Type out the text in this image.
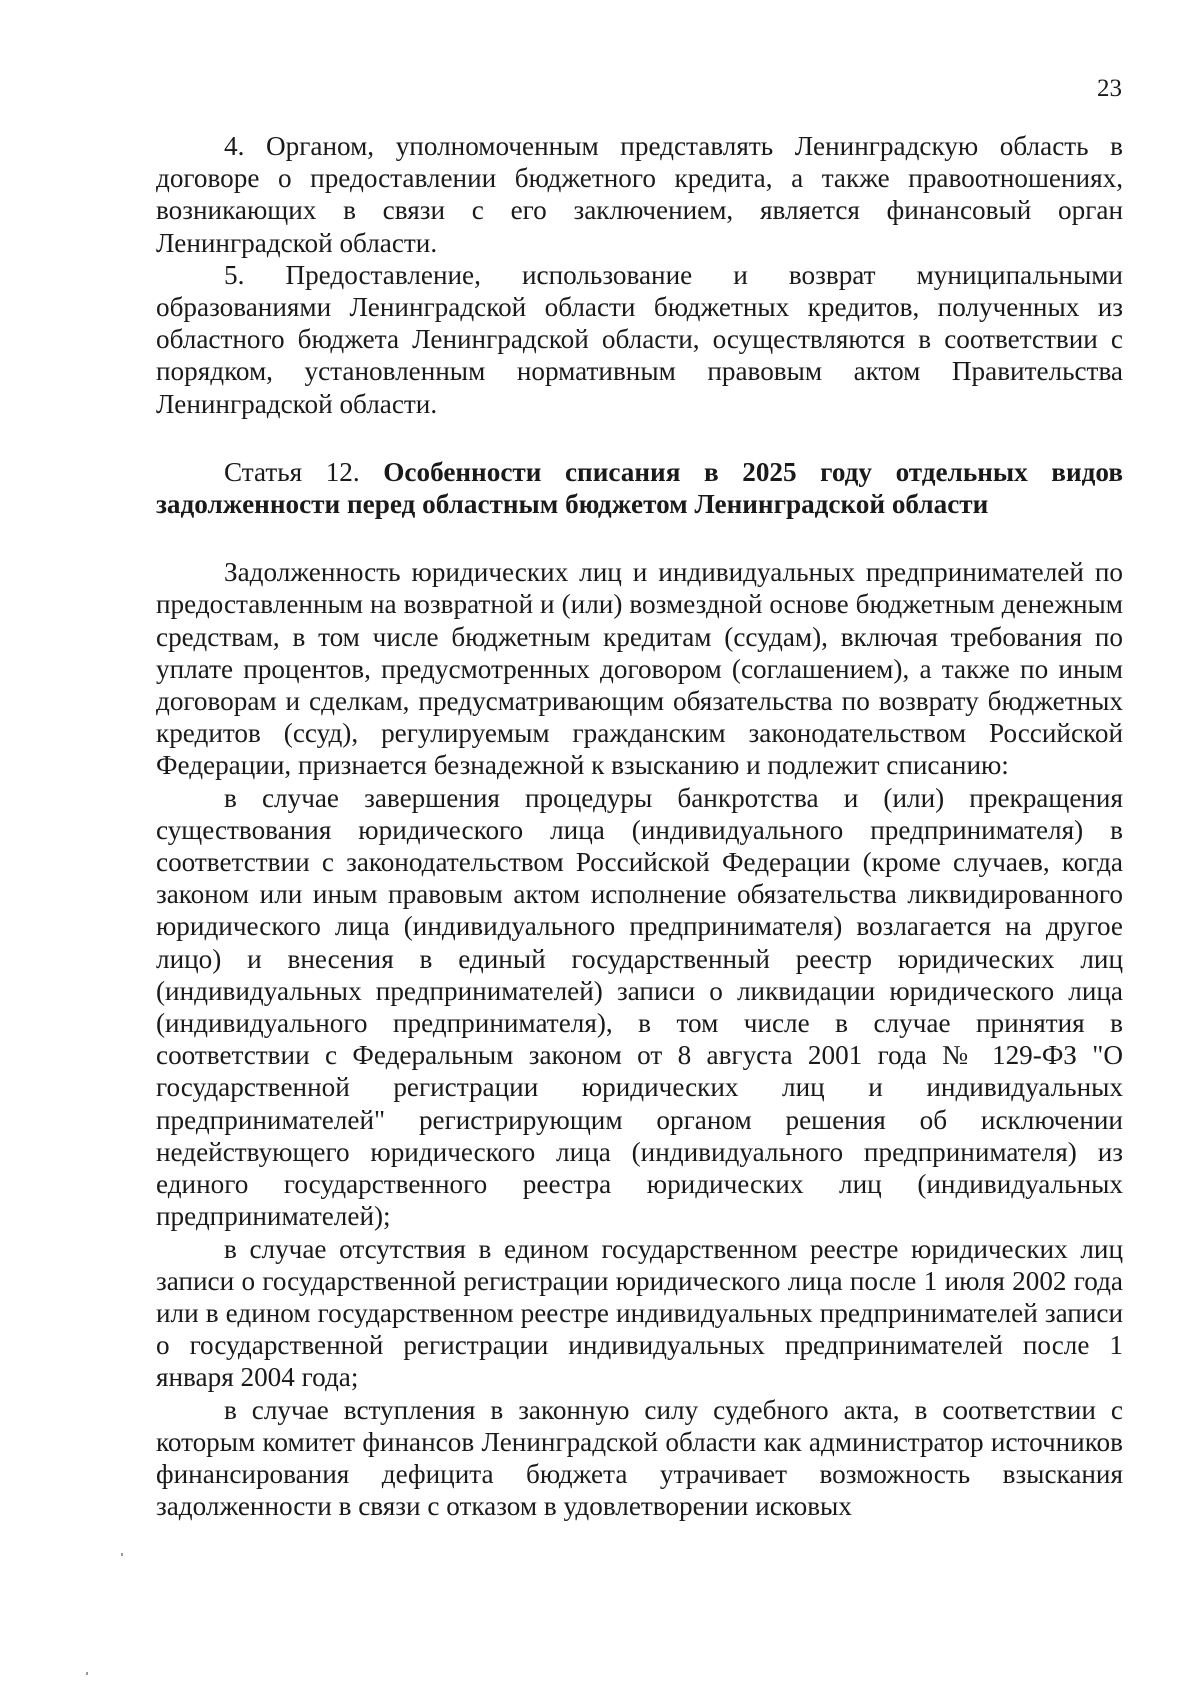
23

4. Органом, уполномоченным представлять Ленинградскую область в договоре о предоставлении бюджетного кредита, а также правоотношениях, возникающих в связи с его заключением, является финансовый орган Ленинградской области.

5. Предоставление, использование и возврат муниципальными образованиями Ленинградской области бюджетных кредитов, полученных из областного бюджета Ленинградской области, осуществляются в соответствии с порядком, установленным нормативным правовым актом Правительства Ленинградской области.

Статья 12. Особенности списания в 2025 году отдельных видов задолженности перед областным бюджетом Ленинградской области

Задолженность юридических лиц и индивидуальных предпринимателей по предоставленным на возвратной и (или) возмездной основе бюджетным денежным средствам, в том числе бюджетным кредитам (ссудам), включая требования по уплате процентов, предусмотренных договором (соглашением), а также по иным договорам и сделкам, предусматривающим обязательства по возврату бюджетных кредитов (ссуд), регулируемым гражданским законодательством Российской Федерации, признается безнадежной к взысканию и подлежит списанию:

в случае завершения процедуры банкротства и (или) прекращения существования юридического лица (индивидуального предпринимателя) в соответствии с законодательством Российской Федерации (кроме случаев, когда законом или иным правовым актом исполнение обязательства ликвидированного юридического лица (индивидуального предпринимателя) возлагается на другое лицо) и внесения в единый государственный реестр юридических лиц (индивидуальных предпринимателей) записи о ликвидации юридического лица (индивидуального предпринимателя), в том числе в случае принятия в соответствии с Федеральным законом от 8 августа 2001 года № 129-ФЗ "О государственной регистрации юридических лиц и индивидуальных предпринимателей" регистрирующим органом решения об исключении недействующего юридического лица (индивидуального предпринимателя) из единого государственного реестра юридических лиц (индивидуальных предпринимателей);

в случае отсутствия в едином государственном реестре юридических лиц записи о государственной регистрации юридического лица после 1 июля 2002 года или в едином государственном реестре индивидуальных предпринимателей записи о государственной регистрации индивидуальных предпринимателей после 1 января 2004 года;

в случае вступления в законную силу судебного акта, в соответствии с которым комитет финансов Ленинградской области как администратор источников финансирования дефицита бюджета утрачивает возможность взыскания задолженности в связи с отказом в удовлетворении исковых
